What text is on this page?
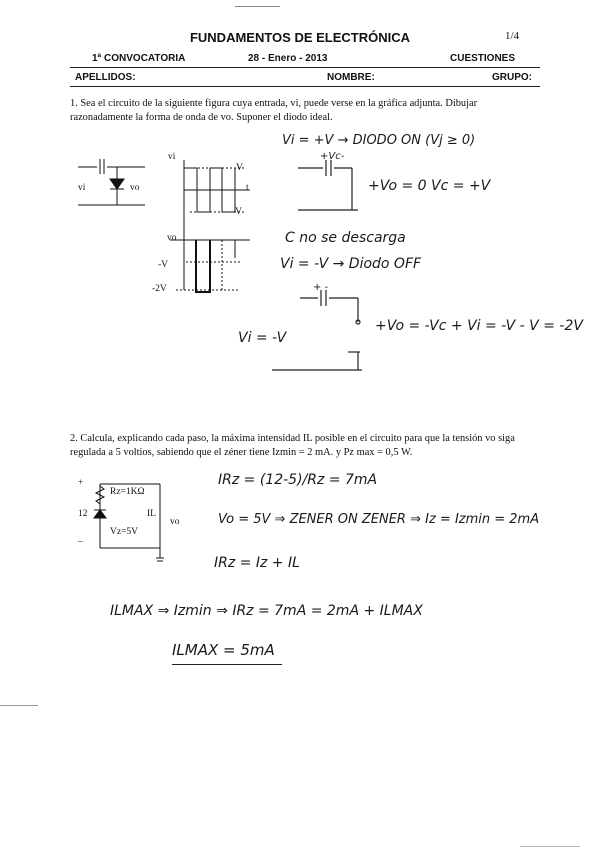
FUNDAMENTOS DE ELECTRÓNICA	1/4
1ª CONVOCATORIA	28 - Enero - 2013	CUESTIONES
APELLIDOS:	NOMBRE:	GRUPO:
1. Sea el circuito de la siguiente figura cuya entrada, vi, puede verse en la gráfica adjunta. Dibujar razonadamente la forma de onda de vo. Suponer el diodo ideal.
vi	vo
vi
V
t
-V
vo
-V
-2V
Vi = +V → DIODO ON (Vj ≥ 0)
+Vc-
+Vo = 0 Vc = +V
C no se descarga
Vi = -V → Diodo OFF
+ -
+Vo = -Vc + Vi = -V - V = -2V
Vi = -V
2. Calcula, explicando cada paso, la máxima intensidad IL posible en el circuito para que la tensión vo siga regulada a 5 voltios, sabiendo que el zéner tiene Izmin = 2 mA. y Pz max = 0,5 W.
+
Rz=1KΩ
12	IL
vo
Vz=5V
–
IRz = (12-5)/Rz = 7mA
Vo = 5V ⇒ ZENER ON ZENER ⇒ Iz = Izmin = 2mA
IRz = Iz + IL
ILMAX ⇒ Izmin ⇒ IRz = 7mA = 2mA + ILMAX
ILMAX = 5mA
